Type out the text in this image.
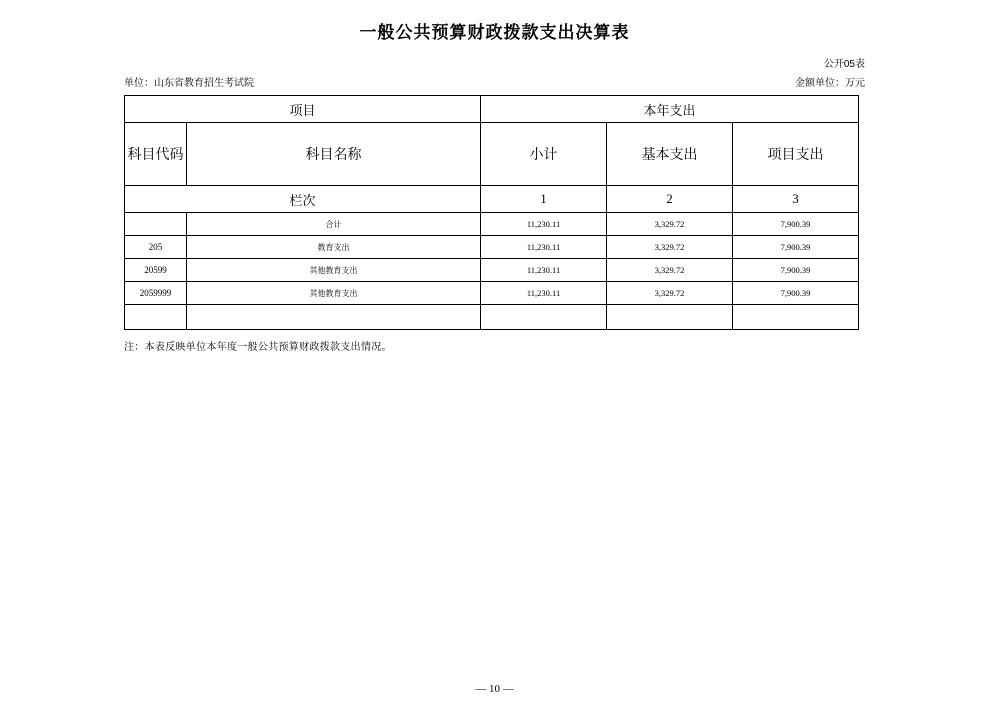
一般公共预算财政拨款支出决算表
公开05表
单位：山东省教育招生考试院	金额单位：万元
项目		本年支出		
科目代码	科目名称	小计	基本支出	项目支出
栏次		1	2	3
	合计	11,230.11	3,329.72	7,900.39
205	教育支出	11,230.11	3,329.72	7,900.39
20599	其他教育支出	11,230.11	3,329.72	7,900.39
2059999	其他教育支出	11,230.11	3,329.72	7,900.39

注：本表反映单位本年度一般公共预算财政拨款支出情况。
— 10 —
